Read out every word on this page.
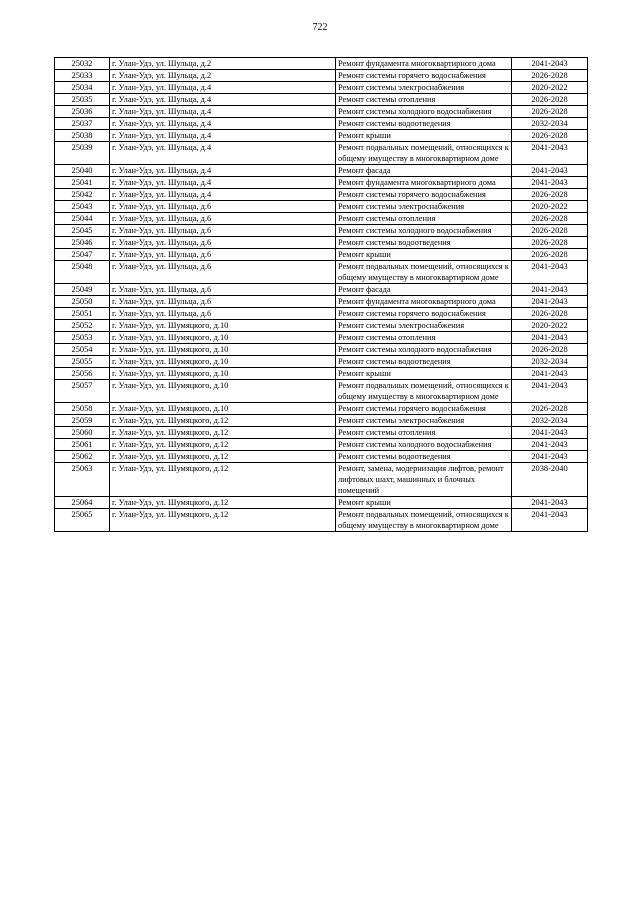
722
25032	г. Улан-Удэ, ул. Шульца, д.2	Ремонт фундамента многоквартирного дома	2041-2043
25033	г. Улан-Удэ, ул. Шульца, д.2	Ремонт системы горячего водоснабжения	2026-2028
25034	г. Улан-Удэ, ул. Шульца, д.4	Ремонт системы электроснабжения	2020-2022
25035	г. Улан-Удэ, ул. Шульца, д.4	Ремонт системы отопления	2026-2028
25036	г. Улан-Удэ, ул. Шульца, д.4	Ремонт системы холодного водоснабжения	2026-2028
25037	г. Улан-Удэ, ул. Шульца, д.4	Ремонт системы водоотведения	2032-2034
25038	г. Улан-Удэ, ул. Шульца, д.4	Ремонт крыши	2026-2028
25039	г. Улан-Удэ, ул. Шульца, д.4	Ремонт подвальных помещений, относящихся к общему имуществу в многоквартирном доме	2041-2043
25040	г. Улан-Удэ, ул. Шульца, д.4	Ремонт фасада	2041-2043
25041	г. Улан-Удэ, ул. Шульца, д.4	Ремонт фундамента многоквартирного дома	2041-2043
25042	г. Улан-Удэ, ул. Шульца, д.4	Ремонт системы горячего водоснабжения	2026-2028
25043	г. Улан-Удэ, ул. Шульца, д.6	Ремонт системы электроснабжения	2020-2022
25044	г. Улан-Удэ, ул. Шульца, д.6	Ремонт системы отопления	2026-2028
25045	г. Улан-Удэ, ул. Шульца, д.6	Ремонт системы холодного водоснабжения	2026-2028
25046	г. Улан-Удэ, ул. Шульца, д.6	Ремонт системы водоотведения	2026-2028
25047	г. Улан-Удэ, ул. Шульца, д.6	Ремонт крыши	2026-2028
25048	г. Улан-Удэ, ул. Шульца, д.6	Ремонт подвальных помещений, относящихся к общему имуществу в многоквартирном доме	2041-2043
25049	г. Улан-Удэ, ул. Шульца, д.6	Ремонт фасада	2041-2043
25050	г. Улан-Удэ, ул. Шульца, д.6	Ремонт фундамента многоквартирного дома	2041-2043
25051	г. Улан-Удэ, ул. Шульца, д.6	Ремонт системы горячего водоснабжения	2026-2028
25052	г. Улан-Удэ, ул. Шумяцкого, д.10	Ремонт системы электроснабжения	2020-2022
25053	г. Улан-Удэ, ул. Шумяцкого, д.10	Ремонт системы отопления	2041-2043
25054	г. Улан-Удэ, ул. Шумяцкого, д.10	Ремонт системы холодного водоснабжения	2026-2028
25055	г. Улан-Удэ, ул. Шумяцкого, д.10	Ремонт системы водоотведения	2032-2034
25056	г. Улан-Удэ, ул. Шумяцкого, д.10	Ремонт крыши	2041-2043
25057	г. Улан-Удэ, ул. Шумяцкого, д.10	Ремонт подвальных помещений, относящихся к общему имуществу в многоквартирном доме	2041-2043
25058	г. Улан-Удэ, ул. Шумяцкого, д.10	Ремонт системы горячего водоснабжения	2026-2028
25059	г. Улан-Удэ, ул. Шумяцкого, д.12	Ремонт системы электроснабжения	2032-2034
25060	г. Улан-Удэ, ул. Шумяцкого, д.12	Ремонт системы отопления	2041-2043
25061	г. Улан-Удэ, ул. Шумяцкого, д.12	Ремонт системы холодного водоснабжения	2041-2043
25062	г. Улан-Удэ, ул. Шумяцкого, д.12	Ремонт системы водоотведения	2041-2043
25063	г. Улан-Удэ, ул. Шумяцкого, д.12	Ремонт, замена, модернизация лифтов, ремонт лифтовых шахт, машинных и блочных помещений	2038-2040
25064	г. Улан-Удэ, ул. Шумяцкого, д.12	Ремонт крыши	2041-2043
25065	г. Улан-Удэ, ул. Шумяцкого, д.12	Ремонт подвальных помещений, относящихся к общему имуществу в многоквартирном доме	2041-2043
